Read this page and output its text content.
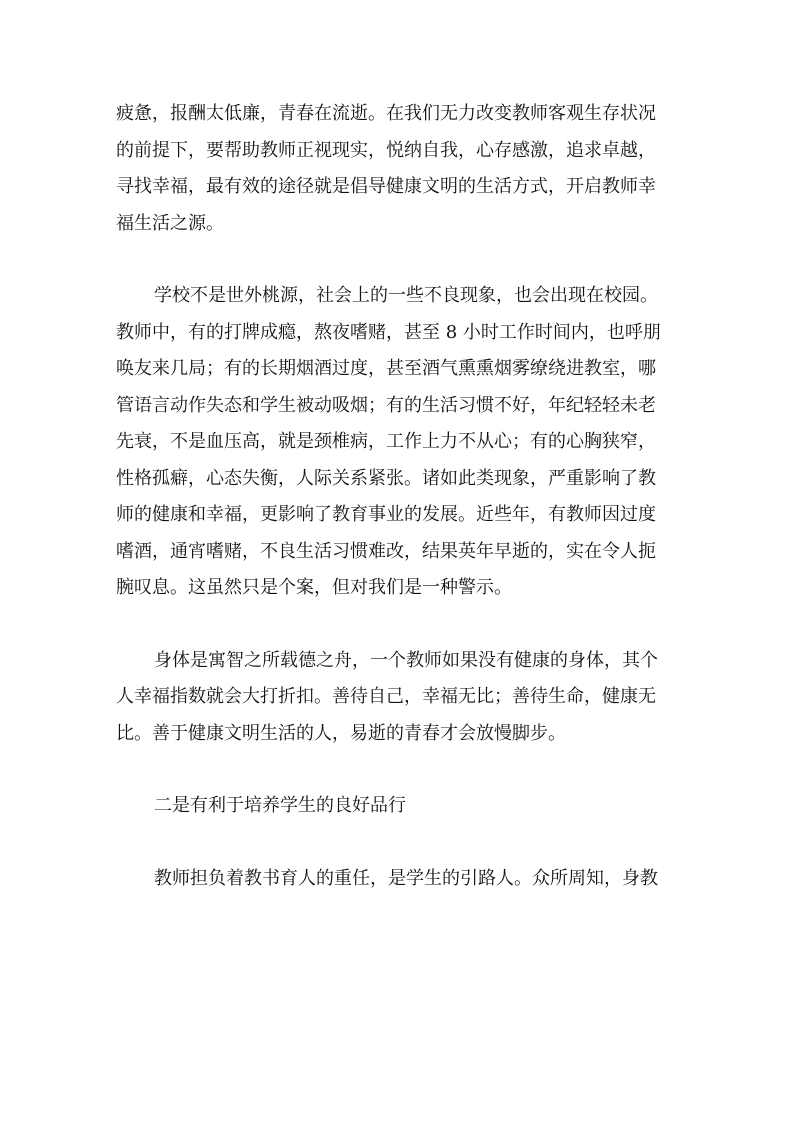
疲惫，报酬太低廉，青春在流逝。在我们无力改变教师客观生存状况
的前提下，要帮助教师正视现实，悦纳自我，心存感激，追求卓越，
寻找幸福，最有效的途径就是倡导健康文明的生活方式，开启教师幸
福生活之源。
学校不是世外桃源，社会上的一些不良现象，也会出现在校园。
教师中，有的打牌成瘾，熬夜嗜赌，甚至 8 小时工作时间内，也呼朋
唤友来几局；有的长期烟酒过度，甚至酒气熏熏烟雾缭绕进教室，哪
管语言动作失态和学生被动吸烟；有的生活习惯不好，年纪轻轻未老
先衰，不是血压高，就是颈椎病，工作上力不从心；有的心胸狭窄，
性格孤癖，心态失衡，人际关系紧张。诸如此类现象，严重影响了教
师的健康和幸福，更影响了教育事业的发展。近些年，有教师因过度
嗜酒，通宵嗜赌，不良生活习惯难改，结果英年早逝的，实在令人扼
腕叹息。这虽然只是个案，但对我们是一种警示。
身体是寓智之所载德之舟，一个教师如果没有健康的身体，其个
人幸福指数就会大打折扣。善待自己，幸福无比；善待生命，健康无
比。善于健康文明生活的人，易逝的青春才会放慢脚步。
二是有利于培养学生的良好品行
教师担负着教书育人的重任，是学生的引路人。众所周知，身教
